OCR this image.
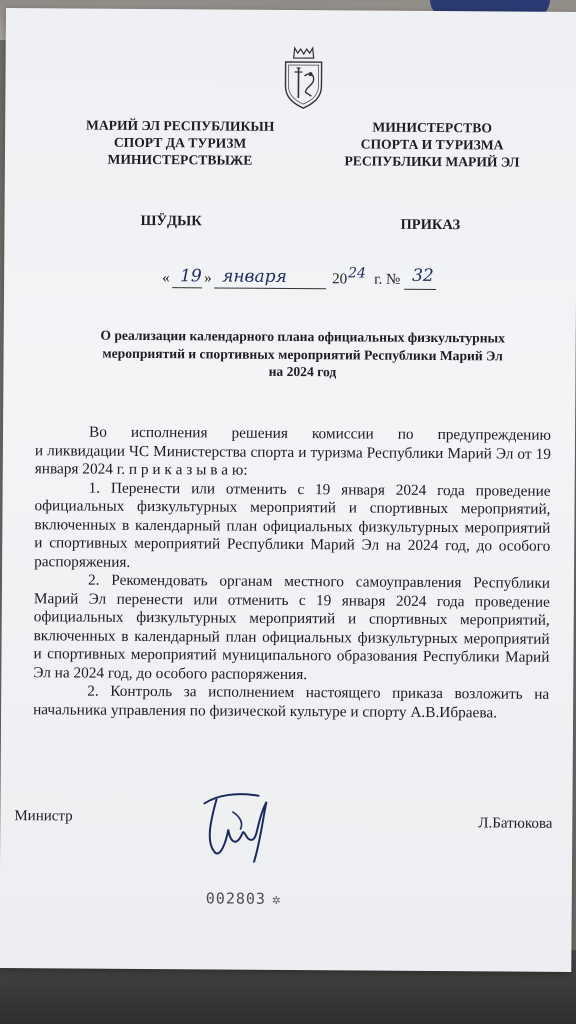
МАРИЙ ЭЛ РЕСПУБЛИКЫН
СПОРТ ДА ТУРИЗМ
МИНИСТЕРСТВЫЖЕ
МИНИСТЕРСТВО
СПОРТА И ТУРИЗМА
РЕСПУБЛИКИ МАРИЙ ЭЛ
ШӰДЫК	ПРИКАЗ
« 19 » января	20 24 г. № 32
О реализации календарного плана официальных физкультурных
мероприятий и спортивных мероприятий Республики Марий Эл
на 2024 год

Во исполнения решения комиссии по предупреждению

и ликвидации ЧС Министерства спорта и туризма Республики Марий Эл от 19 января 2024 г. п р и к а з ы в а ю:

1. Перенести или отменить с 19 января 2024 года проведение официальных физкультурных мероприятий и спортивных мероприятий, включенных в календарный план официальных физкультурных мероприятий и спортивных мероприятий Республики Марий Эл на 2024 год, до особого распоряжения.

2. Рекомендовать органам местного самоуправления Республики Марий Эл перенести или отменить с 19 января 2024 года проведение официальных физкультурных мероприятий и спортивных мероприятий, включенных в календарный план официальных физкультурных мероприятий и спортивных мероприятий муниципального образования Республики Марий Эл на 2024 год, до особого распоряжения.

2. Контроль за исполнением настоящего приказа возложить на начальника управления по физической культуре и спорту А.В.Ибраева.

Министр	Л.Батюкова
002803 ✲
